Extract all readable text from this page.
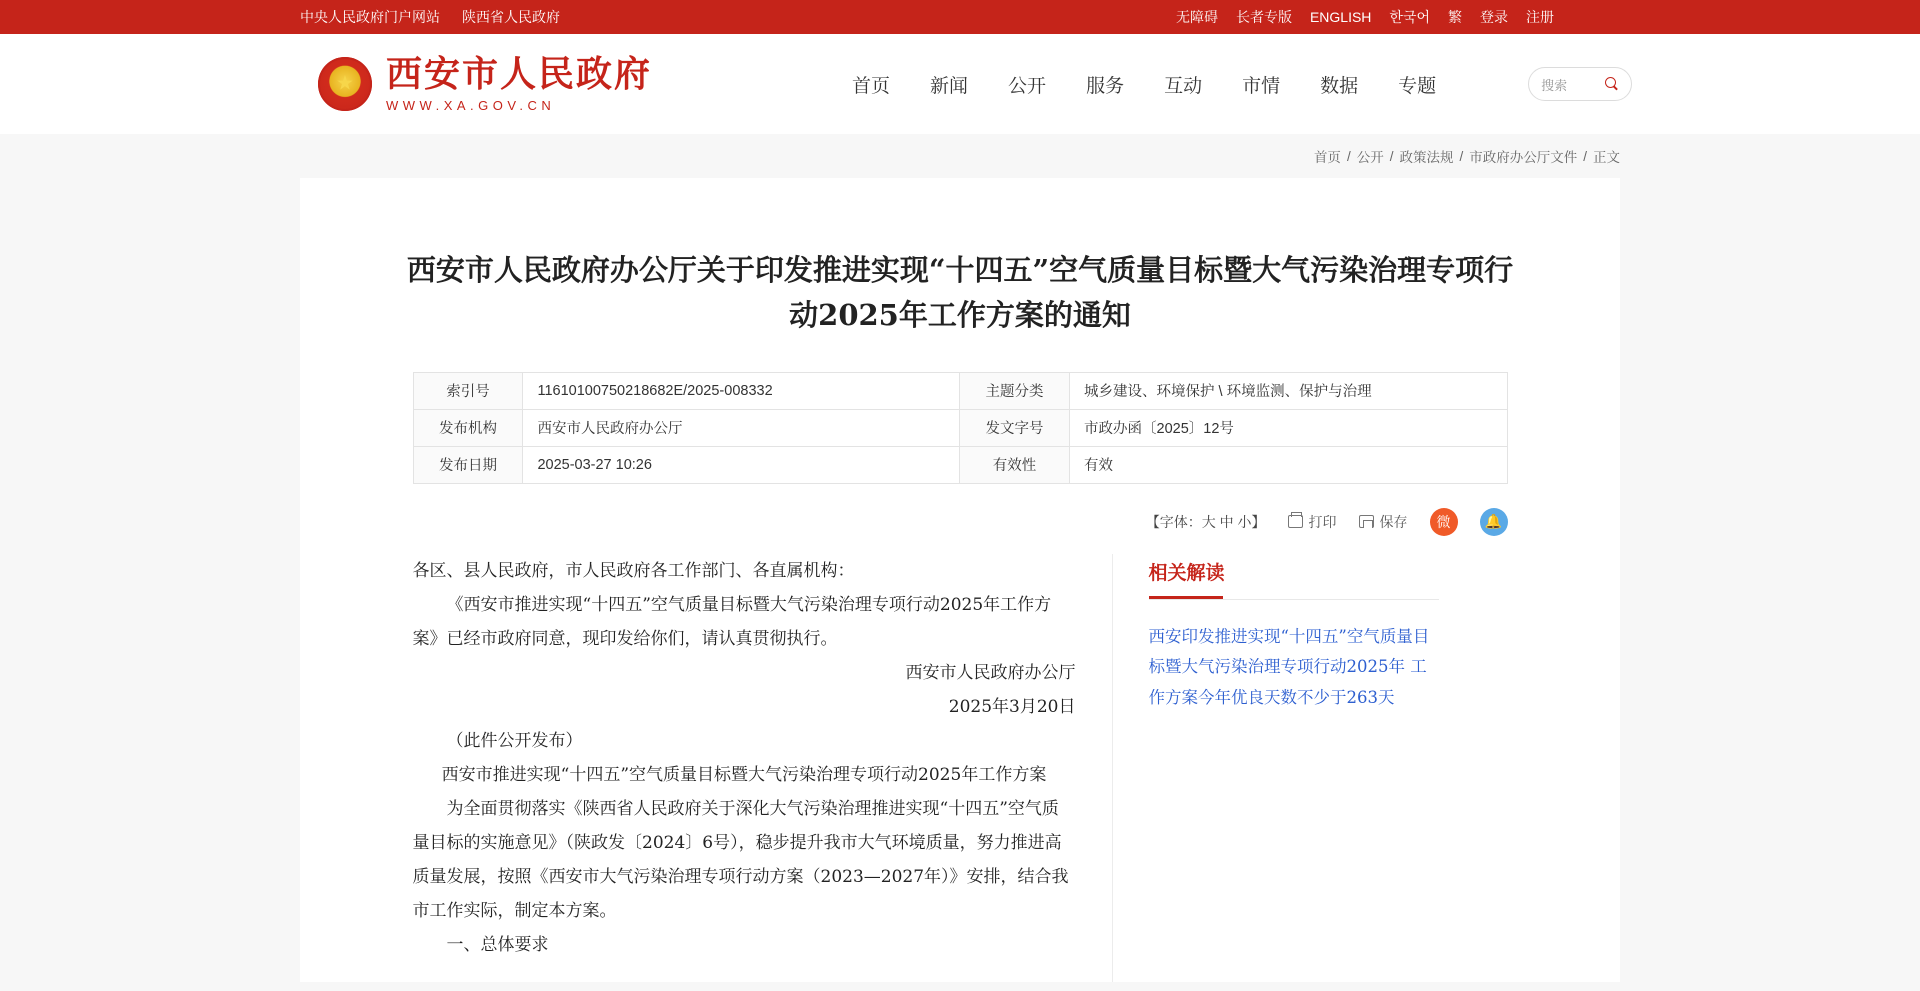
中央人民政府门户网站 陕西省人民政府	无障碍 长者专版 ENGLISH 한국어 繁 登录 注册
★
西安市人民政府
WWW.XA.GOV.CN
首页 新闻 公开 服务 互动 市情 数据 专题	搜索
首页 / 公开 / 政策法规 / 市政府办公厅文件 / 正文
西安市人民政府办公厅关于印发推进实现“十四五”空气质量目标暨大气污染治理专项行动2025年工作方案的通知
索引号	11610100750218682E/2025-008332	主题分类	城乡建设、环境保护 \ 环境监测、保护与治理
发布机构	西安市人民政府办公厅	发文字号	市政办函〔2025〕12号
发布日期	2025-03-27 10:26	有效性	有效
【字体：大 中 小】	打印	保存	微	🔔

各区、县人民政府，市人民政府各工作部门、各直属机构：

《西安市推进实现“十四五”空气质量目标暨大气污染治理专项行动2025年工作方案》已经市政府同意，现印发给你们，请认真贯彻执行。

西安市人民政府办公厅

2025年3月20日

（此件公开发布）

西安市推进实现“十四五”空气质量目标暨大气污染治理专项行动2025年工作方案

为全面贯彻落实《陕西省人民政府关于深化大气污染治理推进实现“十四五”空气质量目标的实施意见》（陕政发〔2024〕6号），稳步提升我市大气环境质量，努力推进高质量发展，按照《西安市大气污染治理专项行动方案（2023—2027年）》安排，结合我市工作实际，制定本方案。

一、总体要求

相关解读
西安印发推进实现“十四五”空气质量目标暨大气污染治理专项行动2025年 工作方案今年优良天数不少于263天
